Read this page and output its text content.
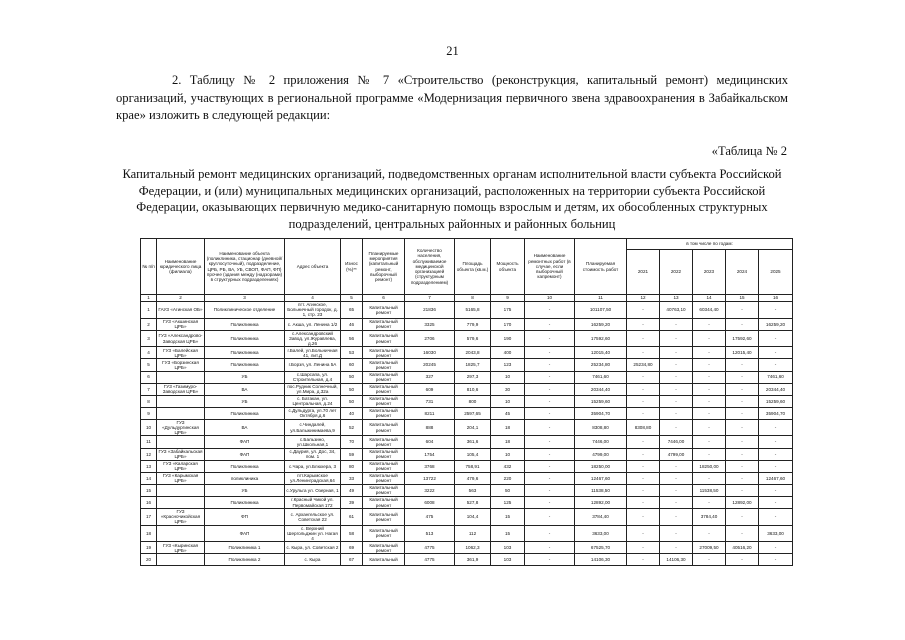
21

2. Таблицу № 2 приложения № 7 «Строительство (реконструкция, капитальный ремонт) медицинских организаций, участвующих в региональной программе «Модернизация первичного звена здравоохранения в Забайкальском крае» изложить в следующей редакции:

«Таблица № 2

Капитальный ремонт медицинских организаций, подведомственных органам исполнительной власти субъекта Российской Федерации, и (или) муниципальных медицинских организаций, расположенных на территории субъекта Российской Федерации, оказывающих первичную медико-санитарную помощь взрослым и детям, их обособленных структурных подразделений, центральных районных и районных больниц

№ п/п	Наименование юридического лица (филиала)	Наименование объекта (поликлиника, стационар (дневной/круглосуточный), подразделение, ЦРБ, РБ, ВА, УБ, СВОП, ФАП, ФП) прочее (здания между (надзорами) в структурных подразделениях)	Адрес объекта	Износ (%)**	Планируемые мероприятия (капитальный ремонт, выборочный ремонт)	Количество населения, обслуживаемое медицинской организацией (структурным подразделением)	Площадь объекта (кв.м.)	Мощность объекта	Наименование ремонтных работ (в случае, если выборочный капремонт)	Планируемая стоимость работ	в том числе по годам:				
											2021	2022	2023	2024	2025
1	2	3	4	5	6	7	8	9	10	11	12	13	14	15	16
1	ГАУЗ «Агинская ОБ»	Поликлиническое отделение	пгт. Агинское, Больничный городок, д. 1, стр. 23	65	Капитальный ремонт	21836	5165,8	175	-	101107,50	-	40763,10	60344,40	-	-
2	ГУЗ «Акшинская ЦРБ»	Поликлиника	с. Акша, ул. Ленина 1/2	46	Капитальный ремонт	3325	779,9	170	-	16259,20	-	-	-	-	16259,20
3	ГУЗ «Александрово-Заводская ЦРБ»	Поликлиника	с.Александровский Завод, ул.Журавлева, д.26	56	Капитальный ремонт	2706	579,6	190	-	17592,60	-	-	-	17592,60	-
4	ГУЗ «Балейская ЦРБ»	Поликлиника	г.Балей, ул.Больничная 41, лит.Д	53	Капитальный ремонт	16030	2043,8	400	-	12015,40	-	-	-	12015,40	-
5	ГУЗ «Борзинская ЦРБ»	Поликлиника	г.Борзя, ул. Ленина 5А	60	Капитальный ремонт	20245	1825,7	123	-	25234,80	25234,80	-	-	-	-
6		УБ	с.Шарсапа, ул. Строительная, д.4	50	Капитальный ремонт	327	297,3	10	-	7461,60	-	-	-	-	7461,60
7	ГУЗ «Газимуро-Заводская ЦРБ»	ВА	пос.Рудник Солнечный, ул.Мира, д.32а	50	Капитальный ремонт	609	810,6	30	-	20344,40	-	-	-	-	20344,40
8		УБ	с. Батакан, ул. Центральная, д.24	50	Капитальный ремонт	731	800	10	-	15259,60	-	-	-	-	15259,60
9		Поликлиника	с.Дульдурга, ул.70 лет Октября,д.6	40	Капитальный ремонт	8211	2597,65	45	-	35904,70	-	-	-	-	35904,70
10	ГУЗ «Дульдургинская ЦРБ»	ВА	с.Чиндалей, ул.Бальжинимаева,9	52	Капитальный ремонт	888	204,1	18	-	8308,80	8308,80	-	-	-	-
11		ФАП	с.Бальзино, ул.Школьная,1	70	Капитальный ремонт	604	361,6	18	-	7446,00	-	7446,00	-	-	-
12	ГУЗ «Забайкальская ЦРБ»	ФАП	с.Даурия, ул. Дос, 34, пом. 1	59	Капитальный ремонт	1754	105,4	10	-	4799,00	-	4799,00	-	-	-
13	ГУЗ «Каларская ЦРБ»	Поликлиника	с.Чара, ул.Блюхера, 3	80	Капитальный ремонт	3768	758,91	432	-	18250,00	-	-	18250,00	-	-
14	ГУЗ «Карымская ЦРБ»	поликлиника	пгт.Карымское ул.Ленинградская,64	33	Капитальный ремонт	13722	479,6	220	-	12467,60	-	-	-	-	12467,60
15		УБ	с.Урульга ул. Озерная, 1	49	Капитальный ремонт	3222	563	50	-	11538,50	-	-	11538,50	-	-
16		Поликлиника	г.Красный Чикой ул. Первомайская 172	39	Капитальный ремонт	6008	527,8	125	-	12892,00	-	-	-	12892,00	-
17	ГУЗ «Красночикойская ЦРБ»	ФП	с. Архангельское ул. Советская 22	61	Капитальный ремонт	475	104,4	15	-	3784,40	-	-	3784,40	-	-
18		ФАП	с. Верхний Шергольджин ул. Нагая 4	58	Капитальный ремонт	513	112	15	-	3633,00	-	-	-	-	3633,00
19	ГУЗ «Кыринская ЦРБ»	Поликлиника 1	с. Кыра, ул. Советская 2	69	Капитальный ремонт	4775	1062,3	103	-	67525,70	-	-	27009,50	40516,20	-
20		Поликлиника 2	с. Кыра	67	Капитальный	4775	361,9	103	-	14106,30	-	14106,30	-	-	-
